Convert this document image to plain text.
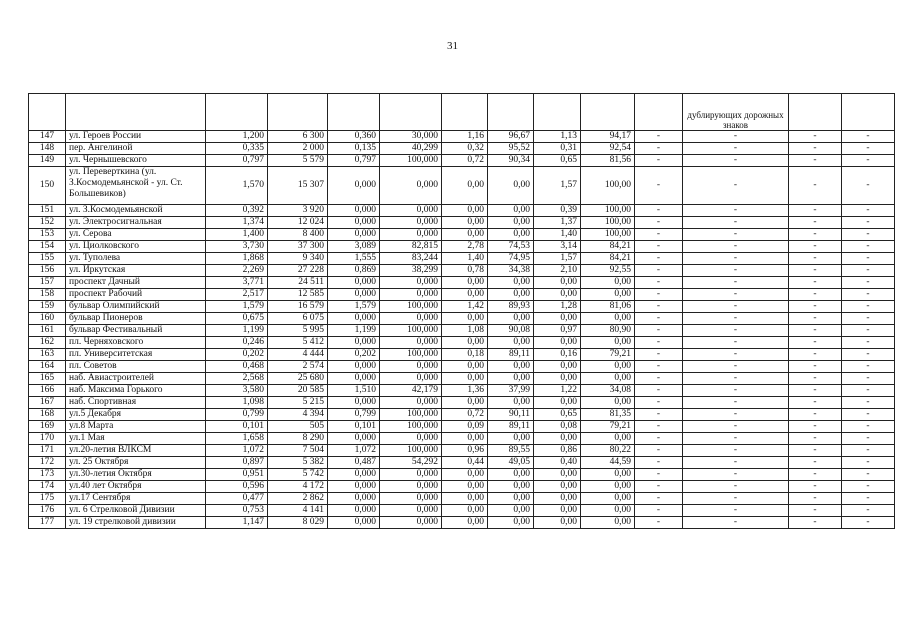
31
											дублирующих дорожных знаков		
147	ул. Героев России	1,200	6 300	0,360	30,000	1,16	96,67	1,13	94,17	-	-	-	-
148	пер. Ангелиной	0,335	2 000	0,135	40,299	0,32	95,52	0,31	92,54	-	-	-	-
149	ул. Чернышевского	0,797	5 579	0,797	100,000	0,72	90,34	0,65	81,56	-	-	-	-
150	ул. Переверткина (ул. З.Космодемьянской - ул. Ст. Большевиков)	1,570	15 307	0,000	0,000	0,00	0,00	1,57	100,00	-	-	-	-
151	ул. З.Космодемьянской	0,392	3 920	0,000	0,000	0,00	0,00	0,39	100,00	-	-	-	-
152	ул. Электросигнальная	1,374	12 024	0,000	0,000	0,00	0,00	1,37	100,00	-	-	-	-
153	ул. Серова	1,400	8 400	0,000	0,000	0,00	0,00	1,40	100,00	-	-	-	-
154	ул. Циолковского	3,730	37 300	3,089	82,815	2,78	74,53	3,14	84,21	-	-	-	-
155	ул. Туполева	1,868	9 340	1,555	83,244	1,40	74,95	1,57	84,21	-	-	-	-
156	ул. Иркутская	2,269	27 228	0,869	38,299	0,78	34,38	2,10	92,55	-	-	-	-
157	проспект Дачный	3,771	24 511	0,000	0,000	0,00	0,00	0,00	0,00	-	-	-	-
158	проспект Рабочий	2,517	12 585	0,000	0,000	0,00	0,00	0,00	0,00	-	-	-	-
159	бульвар Олимпийский	1,579	16 579	1,579	100,000	1,42	89,93	1,28	81,06	-	-	-	-
160	бульвар Пионеров	0,675	6 075	0,000	0,000	0,00	0,00	0,00	0,00	-	-	-	-
161	бульвар Фестивальный	1,199	5 995	1,199	100,000	1,08	90,08	0,97	80,90	-	-	-	-
162	пл. Черняховского	0,246	5 412	0,000	0,000	0,00	0,00	0,00	0,00	-	-	-	-
163	пл. Университетская	0,202	4 444	0,202	100,000	0,18	89,11	0,16	79,21	-	-	-	-
164	пл. Советов	0,468	2 574	0,000	0,000	0,00	0,00	0,00	0,00	-	-	-	-
165	наб. Авиастроителей	2,568	25 680	0,000	0,000	0,00	0,00	0,00	0,00	-	-	-	-
166	наб. Максима Горького	3,580	20 585	1,510	42,179	1,36	37,99	1,22	34,08	-	-	-	-
167	наб. Спортивная	1,098	5 215	0,000	0,000	0,00	0,00	0,00	0,00	-	-	-	-
168	ул.5 Декабря	0,799	4 394	0,799	100,000	0,72	90,11	0,65	81,35	-	-	-	-
169	ул.8 Марта	0,101	505	0,101	100,000	0,09	89,11	0,08	79,21	-	-	-	-
170	ул.1 Мая	1,658	8 290	0,000	0,000	0,00	0,00	0,00	0,00	-	-	-	-
171	ул.20-летия ВЛКСМ	1,072	7 504	1,072	100,000	0,96	89,55	0,86	80,22	-	-	-	-
172	ул. 25 Октября	0,897	5 382	0,487	54,292	0,44	49,05	0,40	44,59	-	-	-	-
173	ул.30-летия Октября	0,951	5 742	0,000	0,000	0,00	0,00	0,00	0,00	-	-	-	-
174	ул.40 лет Октября	0,596	4 172	0,000	0,000	0,00	0,00	0,00	0,00	-	-	-	-
175	ул.17 Сентября	0,477	2 862	0,000	0,000	0,00	0,00	0,00	0,00	-	-	-	-
176	ул. 6 Стрелковой Дивизии	0,753	4 141	0,000	0,000	0,00	0,00	0,00	0,00	-	-	-	-
177	ул. 19 стрелковой дивизии	1,147	8 029	0,000	0,000	0,00	0,00	0,00	0,00	-	-	-	-
